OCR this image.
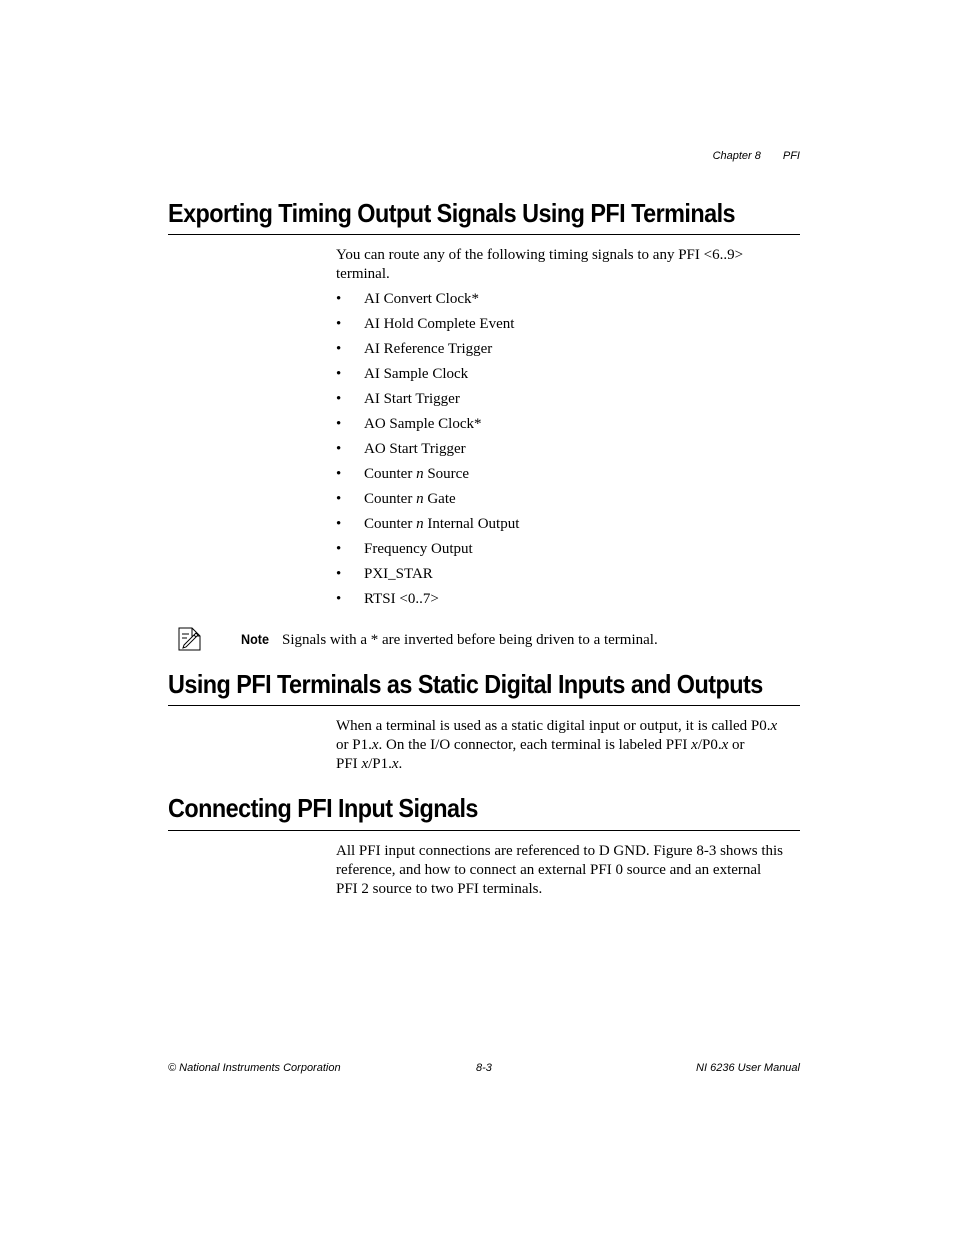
Chapter 8 PFI
Exporting Timing Output Signals Using PFI Terminals

You can route any of the following timing signals to any PFI <6..9>
terminal.

• AI Convert Clock*
• AI Hold Complete Event
• AI Reference Trigger
• AI Sample Clock
• AI Start Trigger
• AO Sample Clock*
• AO Start Trigger
• Counter n Source
• Counter n Gate
• Counter n Internal Output
• Frequency Output
• PXI_STAR
• RTSI <0..7>
Note Signals with a * are inverted before being driven to a terminal.
Using PFI Terminals as Static Digital Inputs and Outputs

When a terminal is used as a static digital input or output, it is called P0.x
or P1.x. On the I/O connector, each terminal is labeled PFI x/P0.x or
PFI x/P1.x.

Connecting PFI Input Signals

All PFI input connections are referenced to D GND. Figure 8-3 shows this
reference, and how to connect an external PFI 0 source and an external
PFI 2 source to two PFI terminals.

© National Instruments Corporation	8-3	NI 6236 User Manual
